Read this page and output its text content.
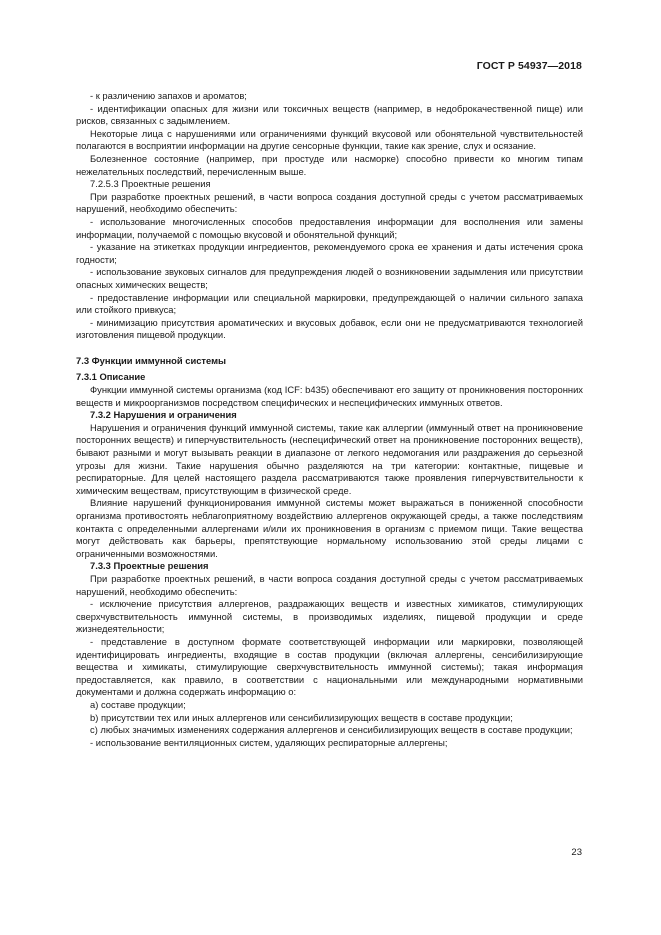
ГОСТ Р 54937—2018

- к различению запахов и ароматов;

- идентификации опасных для жизни или токсичных веществ (например, в недоброкачественной пище) или рисков, связанных с задымлением.

Некоторые лица с нарушениями или ограничениями функций вкусовой или обонятельной чувствительностей полагаются в восприятии информации на другие сенсорные функции, такие как зрение, слух и осязание.

Болезненное состояние (например, при простуде или насморке) способно привести ко многим типам нежелательных последствий, перечисленным выше.

7.2.5.3 Проектные решения

При разработке проектных решений, в части вопроса создания доступной среды с учетом рассматриваемых нарушений, необходимо обеспечить:

- использование многочисленных способов предоставления информации для восполнения или замены информации, получаемой с помощью вкусовой и обонятельной функций;

- указание на этикетках продукции ингредиентов, рекомендуемого срока ее хранения и даты истечения срока годности;

- использование звуковых сигналов для предупреждения людей о возникновении задымления или присутствии опасных химических веществ;

- предоставление информации или специальной маркировки, предупреждающей о наличии сильного запаха или стойкого привкуса;

- минимизацию присутствия ароматических и вкусовых добавок, если они не предусматриваются технологией изготовления пищевой продукции.

7.3 Функции иммунной системы
7.3.1 Описание

Функции иммунной системы организма (код ICF: b435) обеспечивают его защиту от проникновения посторонних веществ и микроорганизмов посредством специфических и неспецифических иммунных ответов.

7.3.2 Нарушения и ограничения

Нарушения и ограничения функций иммунной системы, такие как аллергии (иммунный ответ на проникновение посторонних веществ) и гиперчувствительность (неспецифический ответ на проникновение посторонних веществ), бывают разными и могут вызывать реакции в диапазоне от легкого недомогания или раздражения до серьезной угрозы для жизни. Такие нарушения обычно разделяются на три категории: контактные, пищевые и респираторные. Для целей настоящего раздела рассматриваются также проявления гиперчувствительности к химическим веществам, присутствующим в физической среде.

Влияние нарушений функционирования иммунной системы может выражаться в пониженной способности организма противостоять неблагоприятному воздействию аллергенов окружающей среды, а также последствиям контакта с определенными аллергенами и/или их проникновения в организм с приемом пищи. Такие вещества могут действовать как барьеры, препятствующие нормальному использованию этой среды лицами с ограниченными возможностями.

7.3.3 Проектные решения

При разработке проектных решений, в части вопроса создания доступной среды с учетом рассматриваемых нарушений, необходимо обеспечить:

- исключение присутствия аллергенов, раздражающих веществ и известных химикатов, стимулирующих сверхчувствительность иммунной системы, в производимых изделиях, пищевой продукции и среде жизнедеятельности;

- представление в доступном формате соответствующей информации или маркировки, позволяющей идентифицировать ингредиенты, входящие в состав продукции (включая аллергены, сенсибилизирующие вещества и химикаты, стимулирующие сверхчувствительность иммунной системы); такая информация предоставляется, как правило, в соответствии с национальными или международными нормативными документами и должна содержать информацию о:

а) составе продукции;

b) присутствии тех или иных аллергенов или сенсибилизирующих веществ в составе продукции;

с) любых значимых изменениях содержания аллергенов и сенсибилизирующих веществ в составе продукции;

- использование вентиляционных систем, удаляющих респираторные аллергены;

23
